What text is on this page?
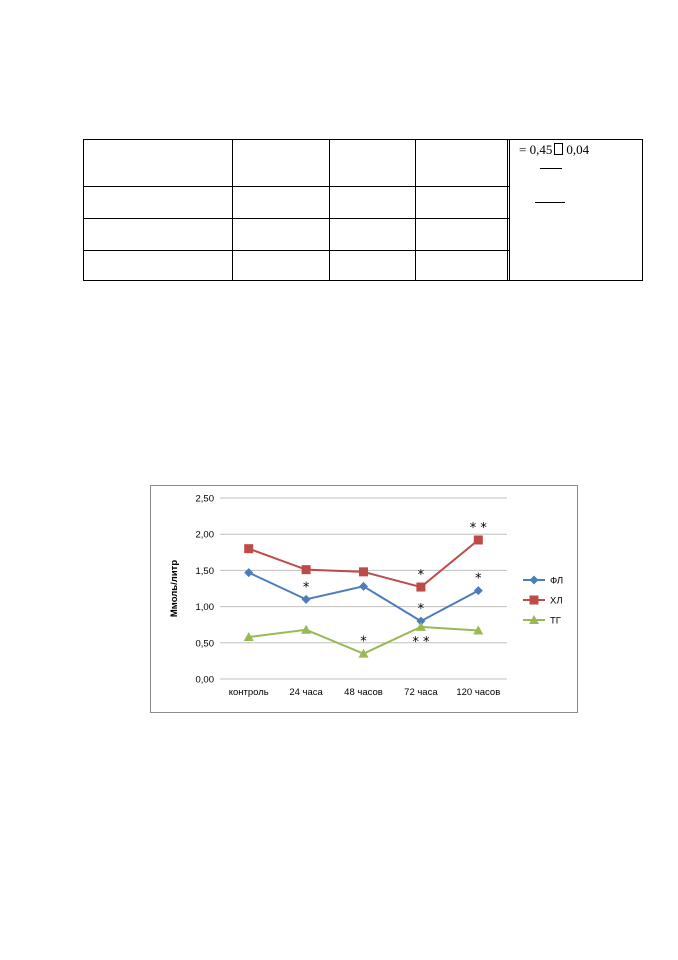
= 0,45 0,04
0,00
0,50
1,00
1,50
2,00
2,50
контроль 24 часа 48 часов 72 часа 120 часов
Ммоль/литр	*
*
*
*
* *
*
* *
ФЛ
ХЛ
ТГ
